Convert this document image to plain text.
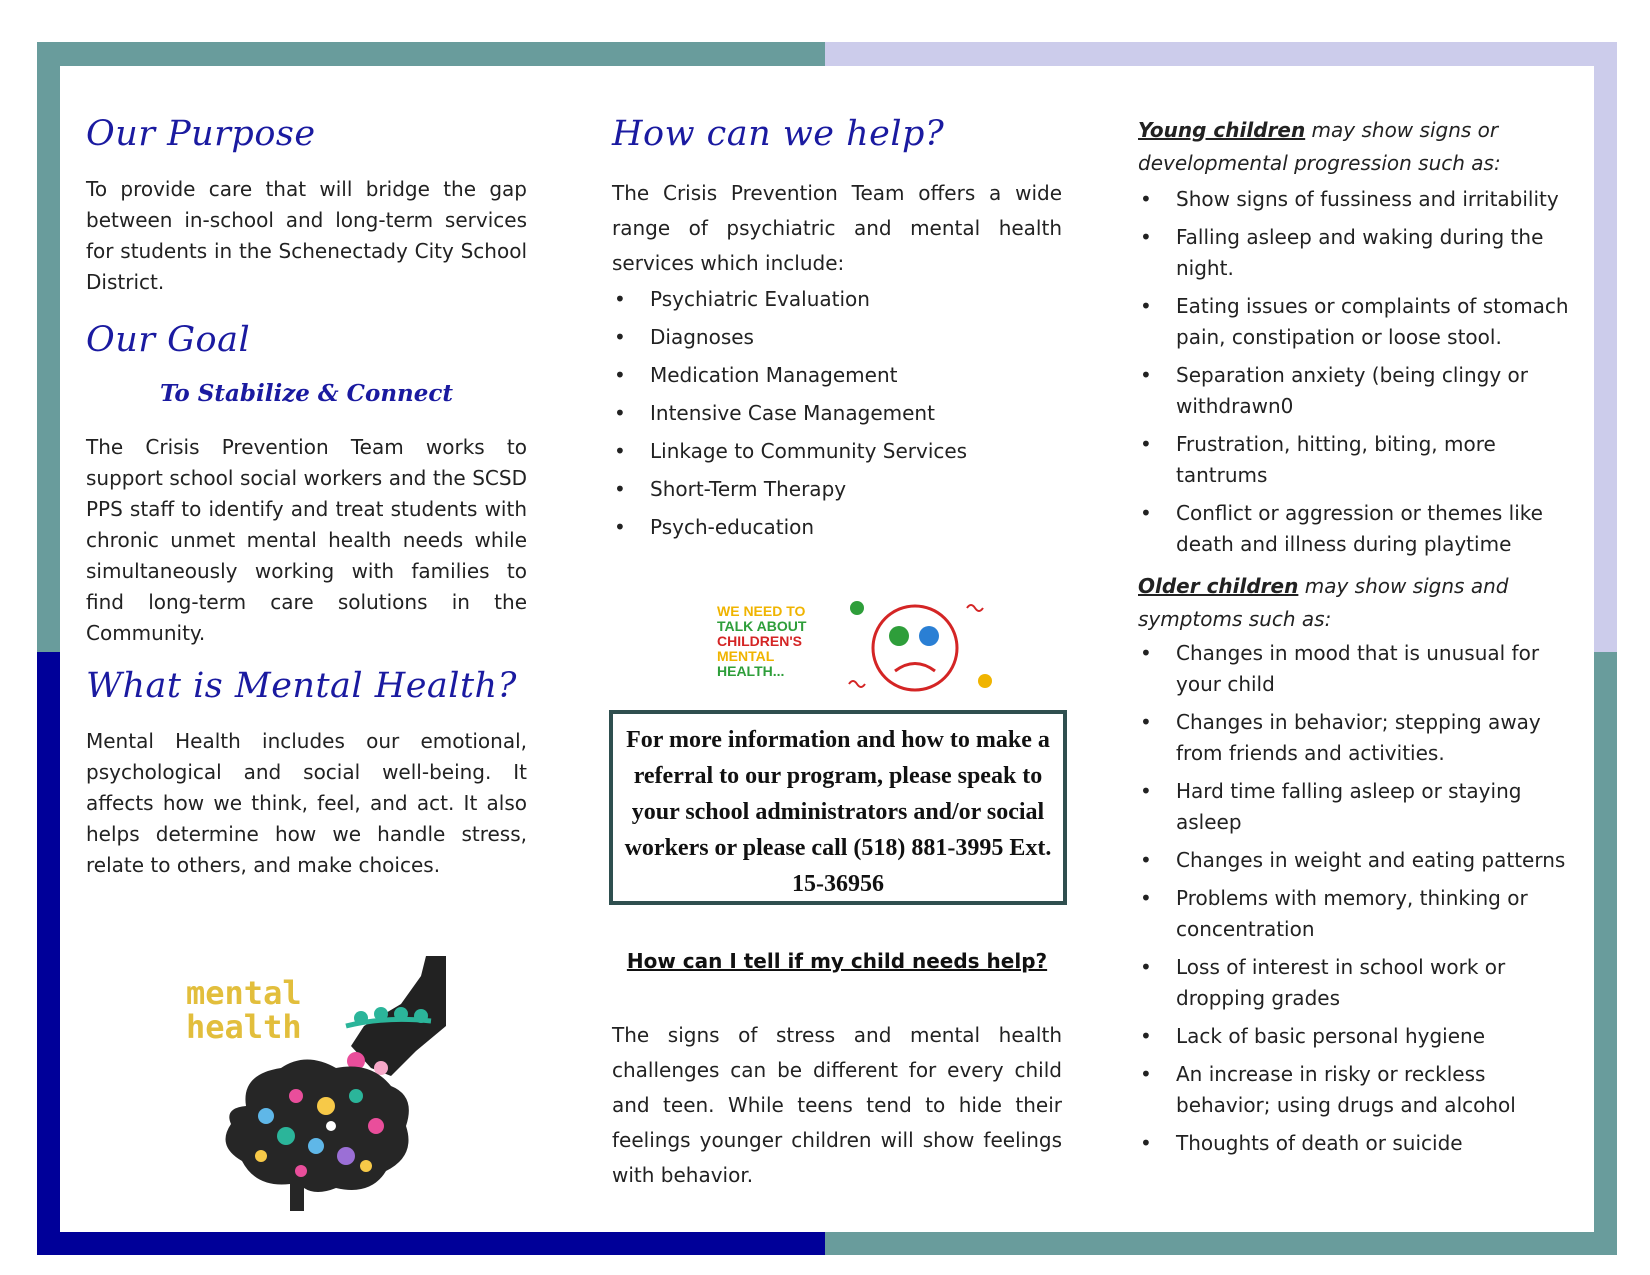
Our Purpose

To provide care that will bridge the gap between in-school and long-term services for students in the Schenectady City School District.

Our Goal
To Stabilize & Connect

The Crisis Prevention Team works to support school social workers and the SCSD PPS staff to identify and treat students with chronic unmet mental health needs while simultaneously working with families to find long-term care solutions in the Community.

What is Mental Health?

Mental Health includes our emotional, psychological and social well-being. It affects how we think, feel, and act. It also helps determine how we handle stress, relate to others, and make choices.

mental
health
How can we help?

The Crisis Prevention Team offers a wide range of psychiatric and mental health services which include:

• Psychiatric Evaluation
• Diagnoses
• Medication Management
• Intensive Case Management
• Linkage to Community Services
• Short-Term Therapy
• Psych-education
WE NEED TO
TALK ABOUT
CHILDREN'S
MENTAL
HEALTH...
For more information and how to make a referral to our program, please speak to your school administrators and/or social workers or please call (518) 881-3995 Ext. 15-36956
How can I tell if my child needs help?

The signs of stress and mental health challenges can be different for every child and teen. While teens tend to hide their feelings younger children will show feelings with behavior.

Young children may show signs or developmental progression such as:
• Show signs of fussiness and irritability
• Falling asleep and waking during the night.
• Eating issues or complaints of stomach pain, constipation or loose stool.
• Separation anxiety (being clingy or withdrawn0
• Frustration, hitting, biting, more tantrums
• Conflict or aggression or themes like death and illness during playtime
Older children may show signs and symptoms such as:
• Changes in mood that is unusual for your child
• Changes in behavior; stepping away from friends and activities.
• Hard time falling asleep or staying asleep
• Changes in weight and eating patterns
• Problems with memory, thinking or concentration
• Loss of interest in school work or dropping grades
• Lack of basic personal hygiene
• An increase in risky or reckless behavior; using drugs and alcohol
• Thoughts of death or suicide
